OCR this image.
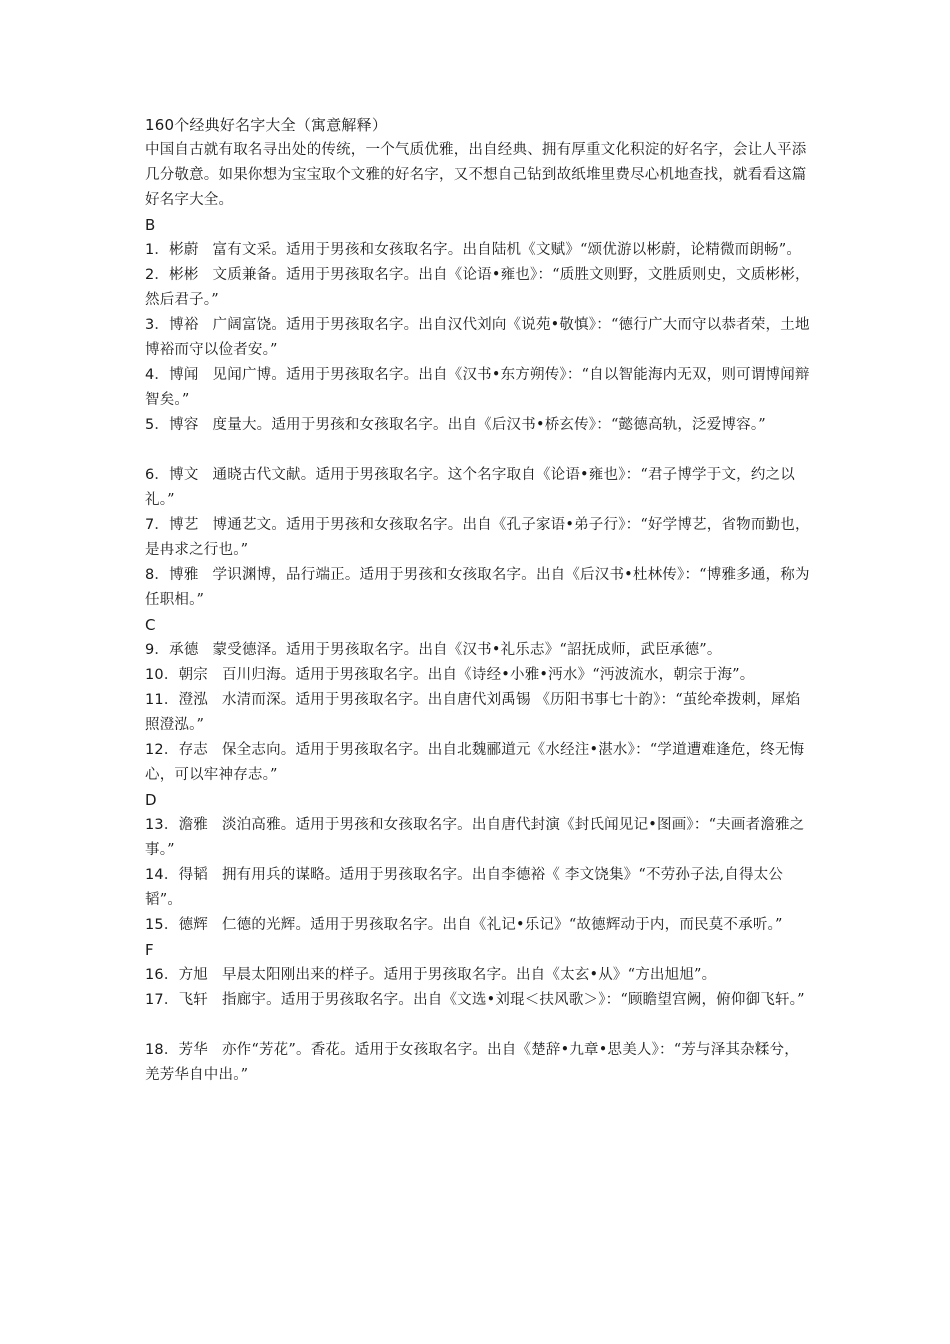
160个经典好名字大全（寓意解释）

中国自古就有取名寻出处的传统，一个气质优雅，出自经典、拥有厚重文化积淀的好名字，会让人平添几分敬意。如果你想为宝宝取个文雅的好名字，又不想自己钻到故纸堆里费尽心机地查找，就看看这篇好名字大全。

B

1．彬蔚 富有文采。适用于男孩和女孩取名字。出自陆机《文赋》“颂优游以彬蔚，论精微而朗畅”。

2．彬彬 文质兼备。适用于男孩取名字。出自《论语•雍也》：“质胜文则野，文胜质则史，文质彬彬，然后君子。”

3．博裕 广阔富饶。适用于男孩取名字。出自汉代刘向《说苑•敬慎》：“德行广大而守以恭者荣，土地博裕而守以俭者安。”

4．博闻 见闻广博。适用于男孩取名字。出自《汉书•东方朔传》：“自以智能海内无双，则可谓博闻辩智矣。”

5．博容 度量大。适用于男孩和女孩取名字。出自《后汉书•桥玄传》：“懿德高轨，泛爱博容。”

6．博文 通晓古代文献。适用于男孩取名字。这个名字取自《论语•雍也》：“君子博学于文，约之以礼。”

7．博艺 博通艺文。适用于男孩和女孩取名字。出自《孔子家语•弟子行》：“好学博艺，省物而勤也，是冉求之行也。”

8．博雅 学识渊博，品行端正。适用于男孩和女孩取名字。出自《后汉书•杜林传》：“博雅多通，称为任职相。”

C

9．承德 蒙受德泽。适用于男孩取名字。出自《汉书•礼乐志》“詔抚成师，武臣承德”。

10．朝宗 百川归海。适用于男孩取名字。出自《诗经•小雅•沔水》“沔波流水，朝宗于海”。

11．澄泓 水清而深。适用于男孩取名字。出自唐代刘禹锡 《历阳书事七十韵》：“茧纶牵拨刺，犀焰照澄泓。”

12．存志 保全志向。适用于男孩取名字。出自北魏郦道元《水经注•湛水》：“学道遭难逢危，终无悔心，可以牢神存志。”

D

13．澹雅 淡泊高雅。适用于男孩和女孩取名字。出自唐代封演《封氏闻见记•图画》：“夫画者澹雅之事。”

14．得韬 拥有用兵的谋略。适用于男孩取名字。出自李德裕《 李文饶集》“不劳孙子法,自得太公韬”。

15．德辉 仁德的光辉。适用于男孩取名字。出自《礼记•乐记》“故德辉动于内，而民莫不承听。”

F

16．方旭 早晨太阳刚出来的样子。适用于男孩取名字。出自《太玄•从》“方出旭旭”。

17．飞轩 指廊宇。适用于男孩取名字。出自《文选•刘琨＜扶风歌＞》：“顾瞻望宫阙，俯仰御飞轩。”

18．芳华 亦作“芳花”。香花。适用于女孩取名字。出自《楚辞•九章•思美人》：“芳与泽其杂糅兮，羌芳华自中出。”
